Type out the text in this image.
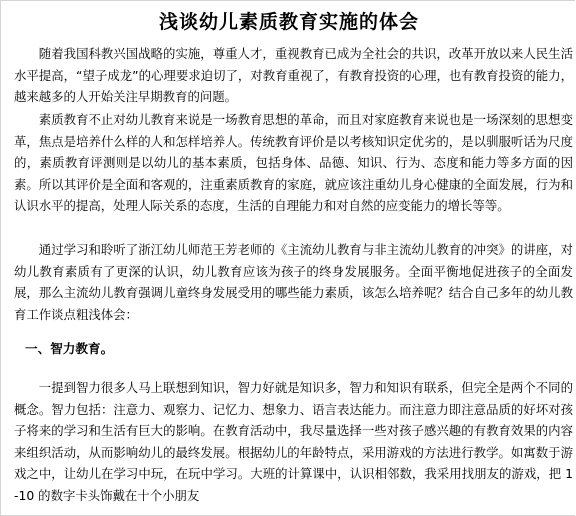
浅谈幼儿素质教育实施的体会
随着我国科教兴国战略的实施，尊重人才，重视教育已成为全社会的共识，改革开放以来人民生活水平提高，“望子成龙”的心理要求迫切了，对教育重视了，有教育投资的心理，也有教育投资的能力，越来越多的人开始关注早期教育的问题。
素质教育不止对幼儿教育来说是一场教育思想的革命，而且对家庭教育来说也是一场深刻的思想变革，焦点是培养什么样的人和怎样培养人。传统教育评价是以考核知识定优劣的，是以驯服听话为尺度的，素质教育评测则是以幼儿的基本素质，包括身体、品德、知识、行为、态度和能力等多方面的因素。所以其评价是全面和客观的，注重素质教育的家庭，就应该注重幼儿身心健康的全面发展，行为和认识水平的提高，处理人际关系的态度，生活的自理能力和对自然的应变能力的增长等等。
通过学习和聆听了浙江幼儿师范王芳老师的《主流幼儿教育与非主流幼儿教育的冲突》的讲座，对幼儿教育素质有了更深的认识，幼儿教育应该为孩子的终身发展服务。全面平衡地促进孩子的全面发展，那么主流幼儿教育强调儿童终身发展受用的哪些能力素质，该怎么培养呢？结合自己多年的幼儿教育工作谈点粗浅体会：
一、智力教育。
一提到智力很多人马上联想到知识，智力好就是知识多，智力和知识有联系，但完全是两个不同的概念。智力包括：注意力、观察力、记忆力、想象力、语言表达能力。而注意力即注意品质的好坏对孩子将来的学习和生活有巨大的影响。在教育活动中，我尽量选择一些对孩子感兴趣的有教育效果的内容来组织活动，从而影响幼儿的最终发展。根据幼儿的年龄特点，采用游戏的方法进行教学。如寓数于游戏之中，让幼儿在学习中玩，在玩中学习。大班的计算课中，认识相邻数，我采用找朋友的游戏，把 1-10 的数字卡头饰戴在十个小朋友
